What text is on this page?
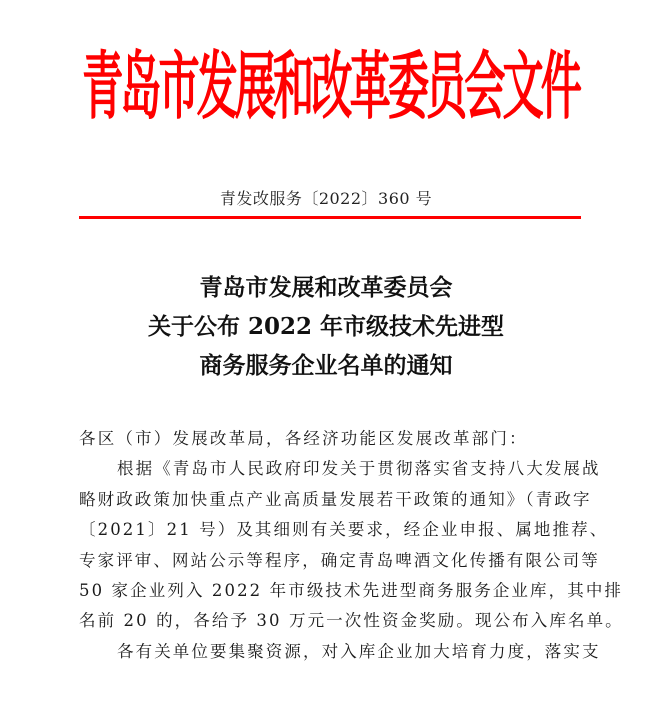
青岛市发展和改革委员会文件
青发改服务〔2022〕360 号
青岛市发展和改革委员会
关于公布 2022 年市级技术先进型
商务服务企业名单的通知
各区（市）发展改革局，各经济功能区发展改革部门：
根据《青岛市人民政府印发关于贯彻落实省支持八大发展战
略财政政策加快重点产业高质量发展若干政策的通知》（青政字
〔2021〕21 号）及其细则有关要求，经企业申报、属地推荐、
专家评审、网站公示等程序，确定青岛啤酒文化传播有限公司等
50 家企业列入 2022 年市级技术先进型商务服务企业库，其中排
名前 20 的，各给予 30 万元一次性资金奖励。现公布入库名单。
各有关单位要集聚资源，对入库企业加大培育力度，落实支
